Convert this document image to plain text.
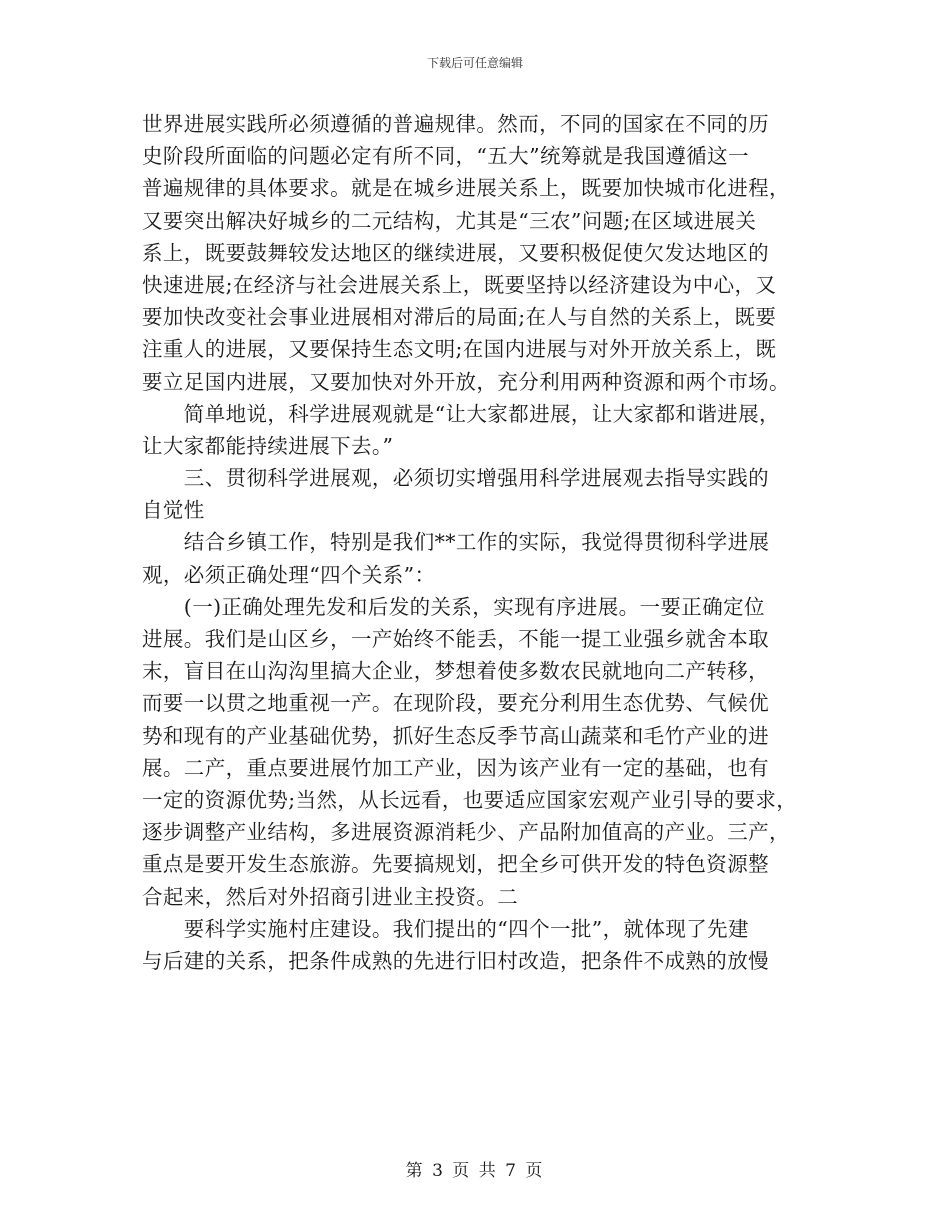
下载后可任意编辑
世界进展实践所必须遵循的普遍规律。然而，不同的国家在不同的历
史阶段所面临的问题必定有所不同，“五大”统筹就是我国遵循这一
普遍规律的具体要求。就是在城乡进展关系上，既要加快城市化进程，
又要突出解决好城乡的二元结构，尤其是“三农”问题;在区域进展关
系上，既要鼓舞较发达地区的继续进展，又要积极促使欠发达地区的
快速进展;在经济与社会进展关系上，既要坚持以经济建设为中心，又
要加快改变社会事业进展相对滞后的局面;在人与自然的关系上，既要
注重人的进展，又要保持生态文明;在国内进展与对外开放关系上，既
要立足国内进展，又要加快对外开放，充分利用两种资源和两个市场。
　　简单地说，科学进展观就是“让大家都进展，让大家都和谐进展，
让大家都能持续进展下去。”
　　三、贯彻科学进展观，必须切实增强用科学进展观去指导实践的
自觉性
　　结合乡镇工作，特别是我们**工作的实际，我觉得贯彻科学进展
观，必须正确处理“四个关系”：
　　(一)正确处理先发和后发的关系，实现有序进展。一要正确定位
进展。我们是山区乡，一产始终不能丢，不能一提工业强乡就舍本取
末，盲目在山沟沟里搞大企业，梦想着使多数农民就地向二产转移，
而要一以贯之地重视一产。在现阶段，要充分利用生态优势、气候优
势和现有的产业基础优势，抓好生态反季节高山蔬菜和毛竹产业的进
展。二产，重点要进展竹加工产业，因为该产业有一定的基础，也有
一定的资源优势;当然，从长远看，也要适应国家宏观产业引导的要求，
逐步调整产业结构，多进展资源消耗少、产品附加值高的产业。三产，
重点是要开发生态旅游。先要搞规划，把全乡可供开发的特色资源整
合起来，然后对外招商引进业主投资。二
　　要科学实施村庄建设。我们提出的“四个一批”，就体现了先建
与后建的关系，把条件成熟的先进行旧村改造，把条件不成熟的放慢
第 3 页 共 7 页
